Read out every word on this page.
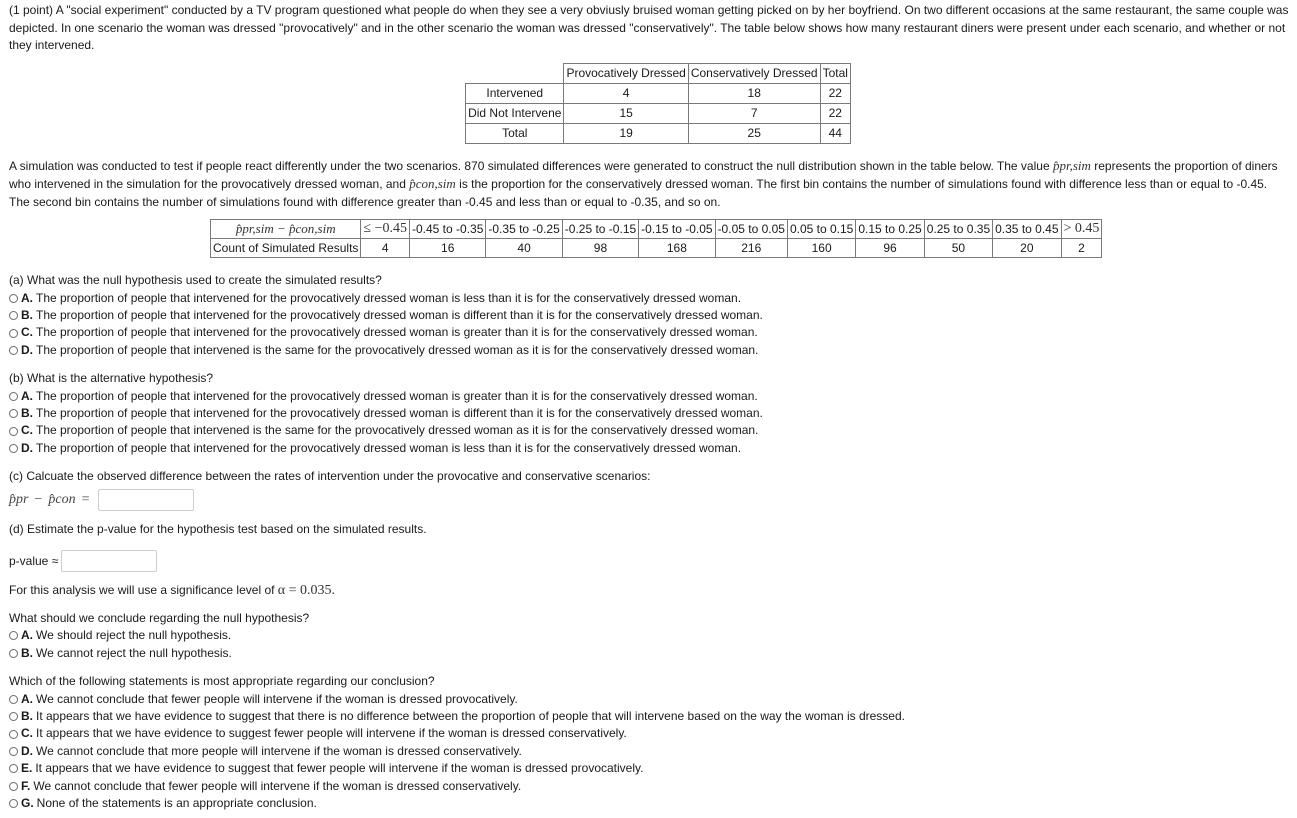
(1 point) A "social experiment" conducted by a TV program questioned what people do when they see a very obviusly bruised woman getting picked on by her boyfriend. On two different occasions at the same restaurant, the same couple was depicted. In one scenario the woman was dressed "provocatively" and in the other scenario the woman was dressed "conservatively". The table below shows how many restaurant diners were present under each scenario, and whether or not they intervened.

	Provocatively Dressed	Conservatively Dressed	Total
Intervened	4	18	22
Did Not Intervene	15	7	22
Total	19	25	44

A simulation was conducted to test if people react differently under the two scenarios. 870 simulated differences were generated to construct the null distribution shown in the table below. The value p̂pr,sim represents the proportion of diners who intervened in the simulation for the provocatively dressed woman, and p̂con,sim is the proportion for the conservatively dressed woman. The first bin contains the number of simulations found with difference less than or equal to -0.45. The second bin contains the number of simulations found with difference greater than -0.45 and less than or equal to -0.35, and so on.

p̂pr,sim − p̂con,sim	≤ −0.45	-0.45 to -0.35	-0.35 to -0.25	-0.25 to -0.15	-0.15 to -0.05	-0.05 to 0.05	0.05 to 0.15	0.15 to 0.25	0.25 to 0.35	0.35 to 0.45	> 0.45
Count of Simulated Results	4	16	40	98	168	216	160	96	50	20	2

(a) What was the null hypothesis used to create the simulated results?

A. The proportion of people that intervened for the provocatively dressed woman is less than it is for the conservatively dressed woman.
B. The proportion of people that intervened for the provocatively dressed woman is different than it is for the conservatively dressed woman.
C. The proportion of people that intervened for the provocatively dressed woman is greater than it is for the conservatively dressed woman.
D. The proportion of people that intervened is the same for the provocatively dressed woman as it is for the conservatively dressed woman.

(b) What is the alternative hypothesis?

A. The proportion of people that intervened for the provocatively dressed woman is greater than it is for the conservatively dressed woman.
B. The proportion of people that intervened for the provocatively dressed woman is different than it is for the conservatively dressed woman.
C. The proportion of people that intervened is the same for the provocatively dressed woman as it is for the conservatively dressed woman.
D. The proportion of people that intervened for the provocatively dressed woman is less than it is for the conservatively dressed woman.

(c) Calcuate the observed difference between the rates of intervention under the provocative and conservative scenarios:

p̂pr − p̂con =

(d) Estimate the p-value for the hypothesis test based on the simulated results.

p-value ≈

For this analysis we will use a significance level of α = 0.035.

What should we conclude regarding the null hypothesis?

A. We should reject the null hypothesis.
B. We cannot reject the null hypothesis.

Which of the following statements is most appropriate regarding our conclusion?

A. We cannot conclude that fewer people will intervene if the woman is dressed provocatively.
B. It appears that we have evidence to suggest that there is no difference between the proportion of people that will intervene based on the way the woman is dressed.
C. It appears that we have evidence to suggest fewer people will intervene if the woman is dressed conservatively.
D. We cannot conclude that more people will intervene if the woman is dressed conservatively.
E. It appears that we have evidence to suggest that fewer people will intervene if the woman is dressed provocatively.
F. We cannot conclude that fewer people will intervene if the woman is dressed conservatively.
G. None of the statements is an appropriate conclusion.
